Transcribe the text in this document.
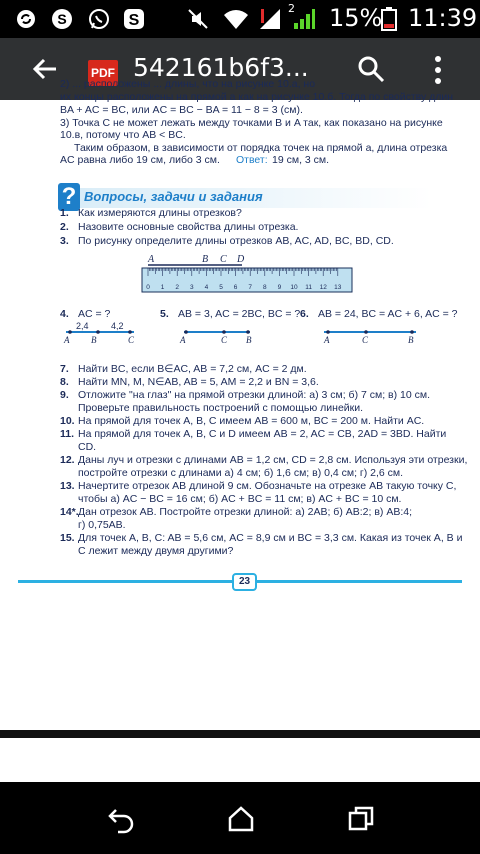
S	S
2 15% 11:39
PDF 542161b6f3...
2) ... расположены ... длины, что на рисунке 10.а, но
их концы расположены на прямой а как на рисунке 10.б. Тогда по свойству длин
BA + AC = BC, или AC = BC − BA = 11 − 8 = 3 (см).
3) Точка C не может лежать между точками B и A так, как показано на рисунке
10.в, потому что AB < BC.
Таким образом, в зависимости от порядка точек на прямой a, длина отрезка
AC равна либо 19 см, либо 3 см. Ответ: 19 см, 3 см.
? Вопросы, задачи и задания
1. Как измеряются длины отрезков?
2. Назовите основные свойства длины отрезка.
3. По рисунку определите длины отрезков AB, AC, AD, BC, BD, CD.
A	B C D
0 1 2 3 4 5 6 7 8 9 10 11 12 13
4. AC = ?	5. AB = 3, AC = 2BC, BC = ? 6. AB = 24, BC = AC + 6, AC = ?
2,4 4,2
A B	C	A	C B	A	C	B
7. Найти BC, если B∈AC, AB = 7,2 см, AC = 2 дм.
8. Найти MN, M, N∈AB, AB = 5, AM = 2,2 и BN = 3,6.
9. Отложите "на глаз" на прямой отрезки длиной: а) 3 см; б) 7 см; в) 10 см.
Проверьте правильность построений с помощью линейки.
10. На прямой для точек A, B, C имеем AB = 600 м, BC = 200 м. Найти AC.
11. На прямой для точек A, B, C и D имеем AB = 2, AC = CB, 2AD = 3BD. Найти
CD.
12. Даны луч и отрезки с длинами AB = 1,2 см, CD = 2,8 см. Используя эти отрезки,
постройте отрезки с длинами а) 4 см; б) 1,6 см; в) 0,4 см; г) 2,6 см.
13. Начертите отрезок AB длиной 9 см. Обозначьте на отрезке AB такую точку C,
чтобы а) AC − BC = 16 см; б) AC + BC = 11 см; в) AC + BC = 10 см.
14*.Дан отрезок AB. Постройте отрезки длиной: а) 2AB; б) AB:2; в) AB:4;
г) 0,75AB.
15. Для точек A, B, C: AB = 5,6 см, AC = 8,9 см и BC = 3,3 см. Какая из точек A, B и
C лежит между двумя другими?
23
